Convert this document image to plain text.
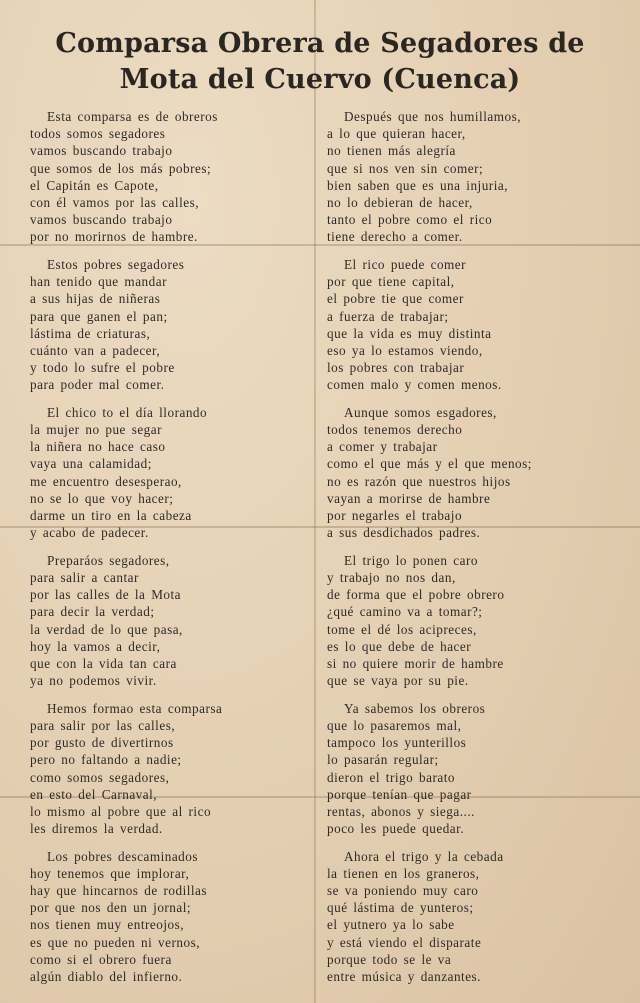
Comparsa Obrera de Segadores de
Mota del Cuervo (Cuenca)
Esta comparsa es de obreros
todos somos segadores
vamos buscando trabajo
que somos de los más pobres;
el Capitán es Capote,
con él vamos por las calles,
vamos buscando trabajo
por no morirnos de hambre.
Estos pobres segadores
han tenido que mandar
a sus hijas de niñeras
para que ganen el pan;
lástima de criaturas,
cuánto van a padecer,
y todo lo sufre el pobre
para poder mal comer.
El chico to el día llorando
la mujer no pue segar
la niñera no hace caso
vaya una calamidad;
me encuentro desesperao,
no se lo que voy hacer;
darme un tiro en la cabeza
y acabo de padecer.
Preparáos segadores,
para salir a cantar
por las calles de la Mota
para decir la verdad;
la verdad de lo que pasa,
hoy la vamos a decir,
que con la vida tan cara
ya no podemos vivir.
Hemos formao esta comparsa
para salir por las calles,
por gusto de divertirnos
pero no faltando a nadie;
como somos segadores,
en esto del Carnaval,
lo mismo al pobre que al rico
les diremos la verdad.
Los pobres descaminados
hoy tenemos que implorar,
hay que hincarnos de rodillas
por que nos den un jornal;
nos tienen muy entreojos,
es que no pueden ni vernos,
como si el obrero fuera
algún diablo del infierno.
Después que nos humillamos,
a lo que quieran hacer,
no tienen más alegría
que si nos ven sin comer;
bien saben que es una injuria,
no lo debieran de hacer,
tanto el pobre como el rico
tiene derecho a comer.
El rico puede comer
por que tiene capital,
el pobre tie que comer
a fuerza de trabajar;
que la vida es muy distinta
eso ya lo estamos viendo,
los pobres con trabajar
comen malo y comen menos.
Aunque somos esgadores,
todos tenemos derecho
a comer y trabajar
como el que más y el que menos;
no es razón que nuestros hijos
vayan a morirse de hambre
por negarles el trabajo
a sus desdichados padres.
El trigo lo ponen caro
y trabajo no nos dan,
de forma que el pobre obrero
¿qué camino va a tomar?;
tome el dé los acipreces,
es lo que debe de hacer
si no quiere morir de hambre
que se vaya por su pie.
Ya sabemos los obreros
que lo pasaremos mal,
tampoco los yunterillos
lo pasarán regular;
dieron el trigo barato
porque tenían que pagar
rentas, abonos y siega....
poco les puede quedar.
Ahora el trigo y la cebada
la tienen en los graneros,
se va poniendo muy caro
qué lástima de yunteros;
el yutnero ya lo sabe
y está viendo el disparate
porque todo se le va
entre música y danzantes.
